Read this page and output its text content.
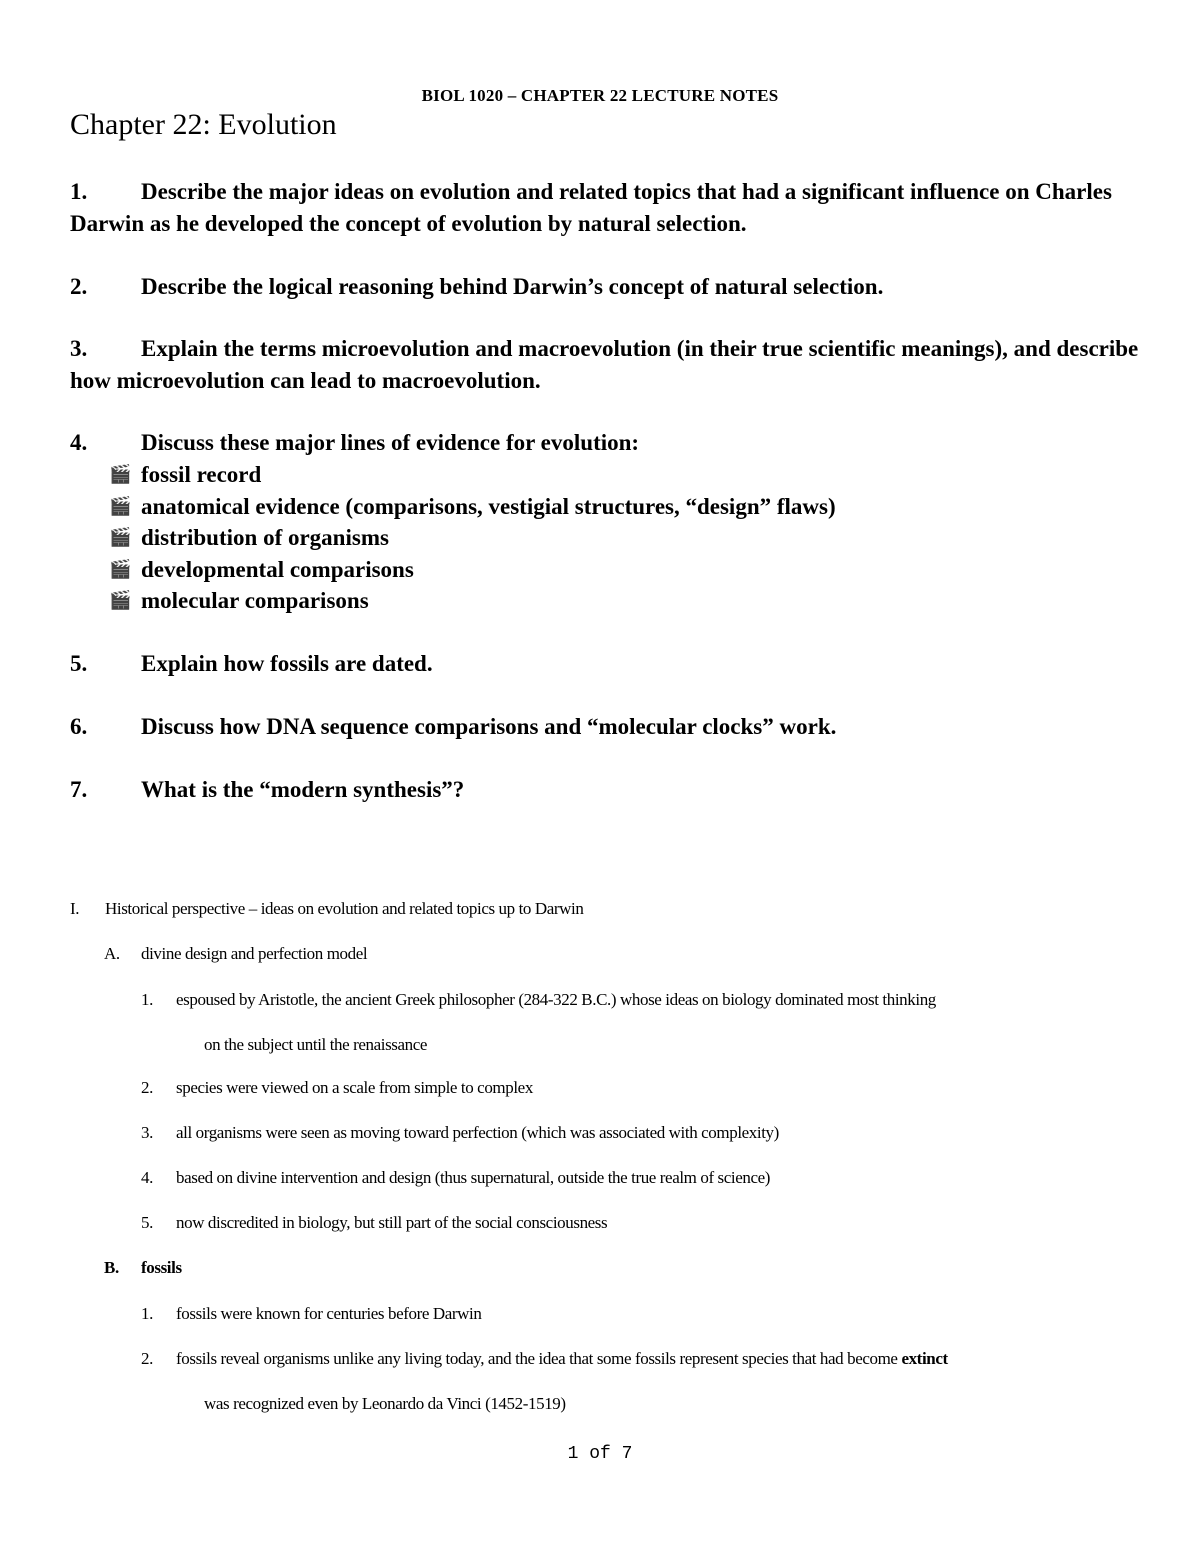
BIOL 1020 – CHAPTER 22 LECTURE NOTES
Chapter 22: Evolution
1. Describe the major ideas on evolution and related topics that had a significant influence on Charles Darwin as he developed the concept of evolution by natural selection.
2. Describe the logical reasoning behind Darwin’s concept of natural selection.
3. Explain the terms microevolution and macroevolution (in their true scientific meanings), and describe how microevolution can lead to macroevolution.
4. Discuss these major lines of evidence for evolution:
🎬 fossil record
🎬 anatomical evidence (comparisons, vestigial structures, “design” flaws)
🎬 distribution of organisms
🎬 developmental comparisons
🎬 molecular comparisons
5. Explain how fossils are dated.
6. Discuss how DNA sequence comparisons and “molecular clocks” work.
7. What is the “modern synthesis”?
I. Historical perspective – ideas on evolution and related topics up to Darwin
A. divine design and perfection model
1. espoused by Aristotle, the ancient Greek philosopher (284-322 B.C.) whose ideas on biology dominated most thinking
on the subject until the renaissance
2. species were viewed on a scale from simple to complex
3. all organisms were seen as moving toward perfection (which was associated with complexity)
4. based on divine intervention and design (thus supernatural, outside the true realm of science)
5. now discredited in biology, but still part of the social consciousness
B. fossils
1. fossils were known for centuries before Darwin
2. fossils reveal organisms unlike any living today, and the idea that some fossils represent species that had become extinct
was recognized even by Leonardo da Vinci (1452-1519)
1 of 7
